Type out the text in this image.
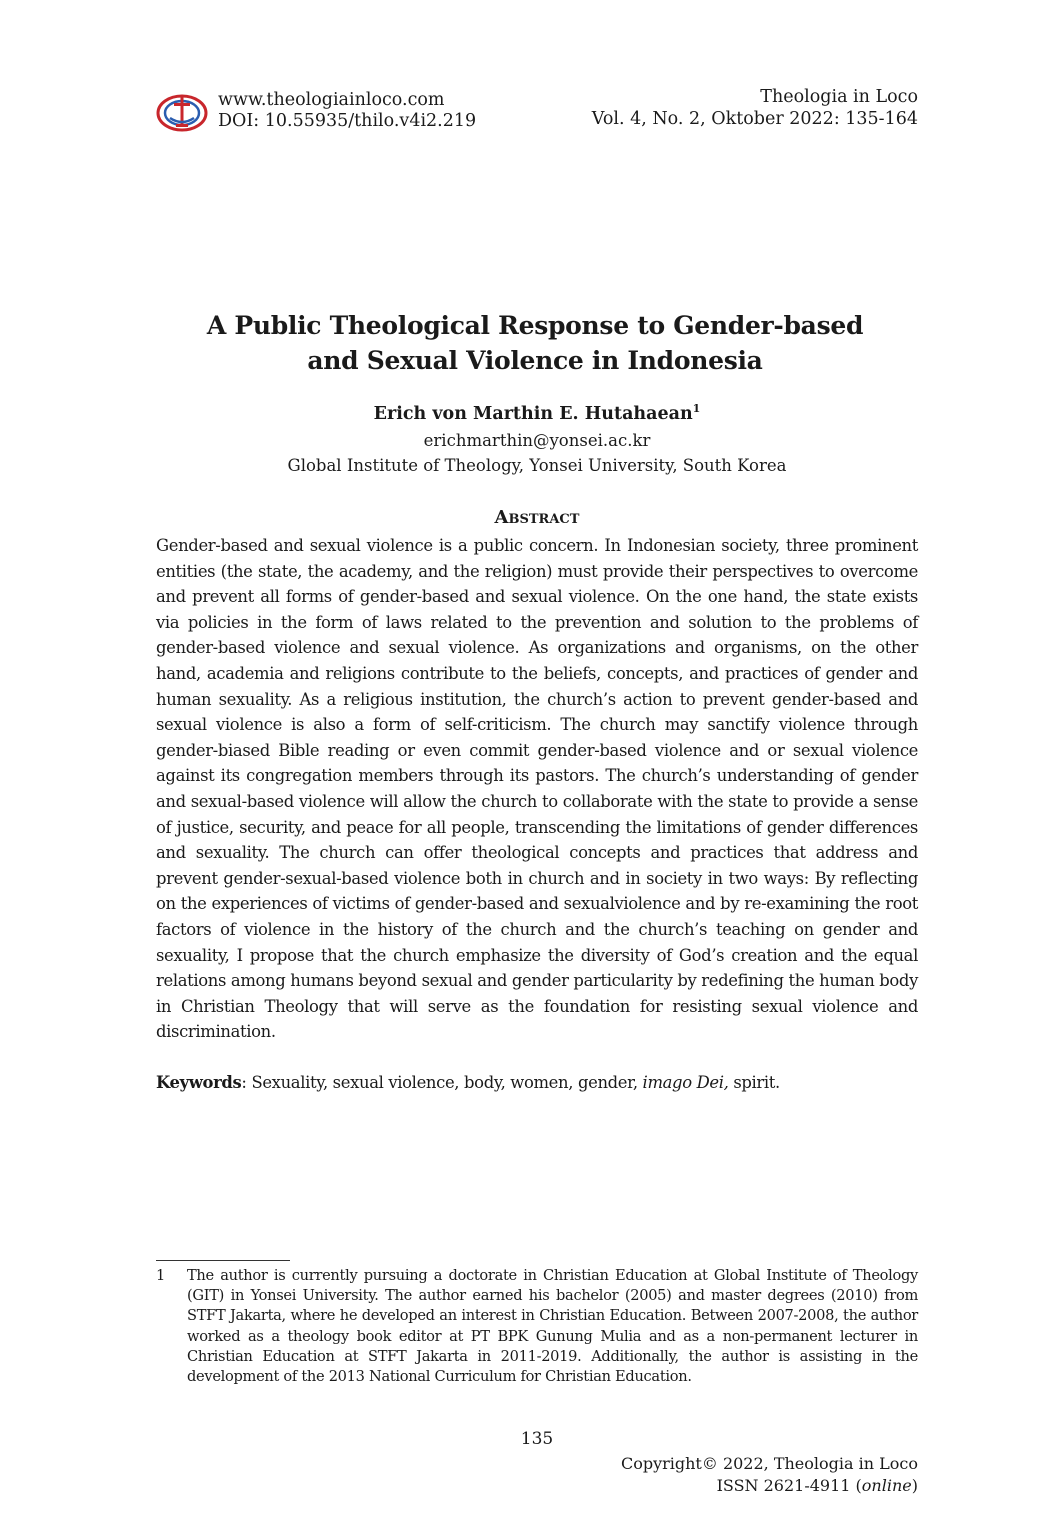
www.theologiainloco.com
DOI: 10.55935/thilo.v4i2.219
Theologia in Loco
Vol. 4, No. 2, Oktober 2022: 135-164
A Public Theological Response to Gender-based
and Sexual Violence in Indonesia
Erich von Marthin E. Hutahaean$^1$
erichmarthin@yonsei.ac.kr
Global Institute of Theology, Yonsei University, South Korea
Abstract
Gender-based and sexual violence is a public concern. In Indonesian society, three prominent entities (the state, the academy, and the religion) must provide their perspectives to overcome and prevent all forms of gender-based and sexual violence. On the one hand, the state exists via policies in the form of laws related to the prevention and solution to the problems of gender-based violence and sexual violence. As organizations and organisms, on the other hand, academia and religions contribute to the beliefs, concepts, and practices of gender and human sexuality. As a religious institution, the church’s action to prevent gender-based and sexual violence is also a form of self-criticism. The church may sanctify violence through gender-biased Bible reading or even commit gender-based violence and or sexual violence against its congregation members through its pastors. The church’s understanding of gender and sexual-based violence will allow the church to collaborate with the state to provide a sense of justice, security, and peace for all people, transcending the limitations of gender differences and sexuality. The church can offer theological concepts and practices that address and prevent gender-sexual-based violence both in church and in society in two ways: By reflecting on the experiences of victims of gender-based and sexualviolence and by re-examining the root factors of violence in the history of the church and the church’s teaching on gender and sexuality, I propose that the church emphasize the diversity of God’s creation and the equal relations among humans beyond sexual and gender particularity by redefining the human body in Christian Theology that will serve as the foundation for resisting sexual violence and discrimination.
Keywords: Sexuality, sexual violence, body, women, gender, imago Dei, spirit.
1	The author is currently pursuing a doctorate in Christian Education at Global Institute of Theology (GIT) in Yonsei University. The author earned his bachelor (2005) and master degrees (2010) from STFT Jakarta, where he developed an interest in Christian Education. Between 2007-2008, the author worked as a theology book editor at PT BPK Gunung Mulia and as a non-permanent lecturer in Christian Education at STFT Jakarta in 2011-2019. Additionally, the author is assisting in the development of the 2013 National Curriculum for Christian Education.
135
Copyright© 2022, Theologia in Loco
ISSN 2621-4911 (online)
